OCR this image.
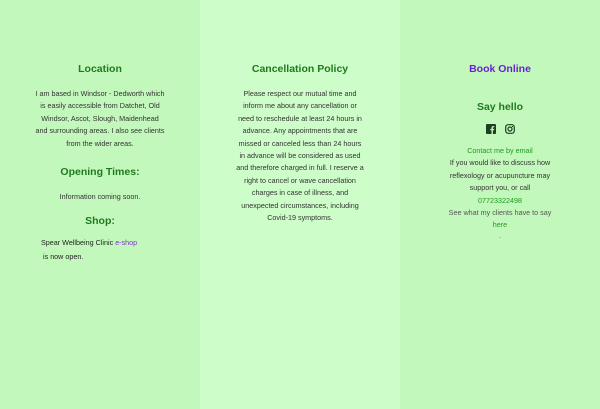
Location

I am based in Windsor - Dedworth which is easily accessible from Datchet, Old Windsor, Ascot, Slough, Maidenhead and surrounding areas. I also see clients from the wider areas.

Opening Times:

Information coming soon.

Shop:
Spear Wellbeing Clinic e-shop
is now open.
Cancellation Policy

Please respect our mutual time and inform me about any cancellation or need to reschedule at least 24 hours in advance. Any appointments that are missed or canceled less than 24 hours in advance will be considered as used and therefore charged in full. I reserve a right to cancel or wave cancellation charges in case of illness, and unexpected circumstances, including Covid-19 symptoms.

Book Online
Say hello
Contact me by email

If you would like to discuss how reflexology or acupuncture may support you, or call

07723322498

See what my clients have to say

here
.
